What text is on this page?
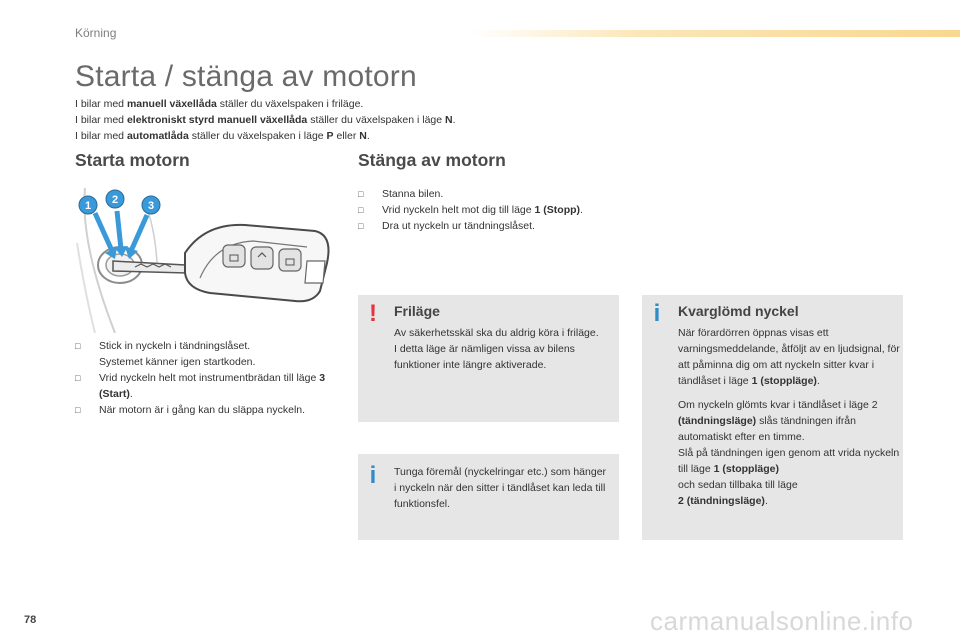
Körning
Starta / stänga av motorn

I bilar med manuell växellåda ställer du växelspaken i friläge.

I bilar med elektroniskt styrd manuell växellåda ställer du växelspaken i läge N.

I bilar med automatlåda ställer du växelspaken i läge P eller N.

Starta motorn
1 2	3
□ Stick in nyckeln i tändningslåset.
Systemet känner igen startkoden.
□ Vrid nyckeln helt mot instrumentbrädan till läge 3 (Start).
□ När motorn är i gång kan du släppa nyckeln.
Stänga av motorn
□ Stanna bilen.
□ Vrid nyckeln helt mot dig till läge 1 (Stopp).
□ Dra ut nyckeln ur tändningslåset.
! Friläge

Av säkerhetsskäl ska du aldrig köra i friläge.

I detta läge är nämligen vissa av bilens funktioner inte längre aktiverade.

i	Tunga föremål (nyckelringar etc.) som hänger i nyckeln när den sitter i tändlåset kan leda till funktionsfel.
i Kvarglömd nyckel

När förardörren öppnas visas ett varningsmeddelande, åtföljt av en ljudsignal, för att påminna dig om att nyckeln sitter kvar i tändlåset i läge 1 (stoppläge).

Om nyckeln glömts kvar i tändlåset i läge 2 (tändningsläge) slås tändningen ifrån automatiskt efter en timme.
Slå på tändningen igen genom att vrida nyckeln till läge 1 (stoppläge)
och sedan tillbaka till läge
2 (tändningsläge).

78	carmanualsonline.info
